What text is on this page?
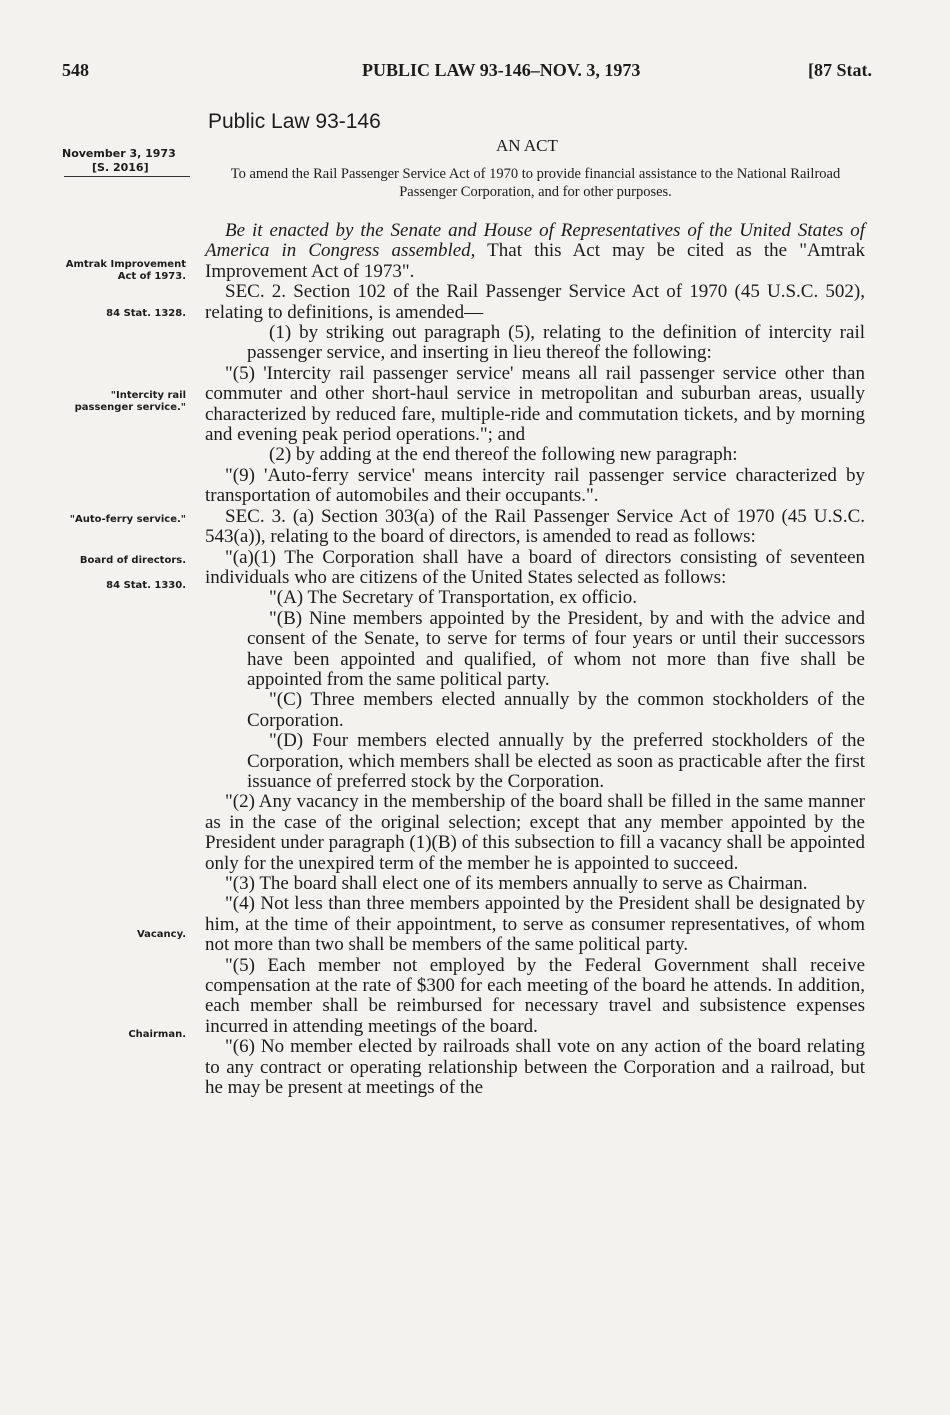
548	PUBLIC LAW 93-146–NOV. 3, 1973	[87 Stat.
Public Law 93-146
November 3, 1973
[S. 2016]
AN ACT
To amend the Rail Passenger Service Act of 1970 to provide financial assistance to the National Railroad Passenger Corporation, and for other purposes.
Amtrak Improvement Act of 1973.
84 Stat. 1328.
"Intercity rail passenger service."
"Auto-ferry service."
Board of directors.
84 Stat. 1330.
Vacancy.
Chairman.

Be it enacted by the Senate and House of Representatives of the United States of America in Congress assembled, That this Act may be cited as the "Amtrak Improvement Act of 1973".

SEC. 2. Section 102 of the Rail Passenger Service Act of 1970 (45 U.S.C. 502), relating to definitions, is amended—

(1) by striking out paragraph (5), relating to the definition of intercity rail passenger service, and inserting in lieu thereof the following:

"(5) 'Intercity rail passenger service' means all rail passenger service other than commuter and other short-haul service in metropolitan and suburban areas, usually characterized by reduced fare, multiple-ride and commutation tickets, and by morning and evening peak period operations."; and

(2) by adding at the end thereof the following new paragraph:

"(9) 'Auto-ferry service' means intercity rail passenger service characterized by transportation of automobiles and their occupants.".

SEC. 3. (a) Section 303(a) of the Rail Passenger Service Act of 1970 (45 U.S.C. 543(a)), relating to the board of directors, is amended to read as follows:

"(a)(1) The Corporation shall have a board of directors consisting of seventeen individuals who are citizens of the United States selected as follows:

"(A) The Secretary of Transportation, ex officio.

"(B) Nine members appointed by the President, by and with the advice and consent of the Senate, to serve for terms of four years or until their successors have been appointed and qualified, of whom not more than five shall be appointed from the same political party.

"(C) Three members elected annually by the common stockholders of the Corporation.

"(D) Four members elected annually by the preferred stockholders of the Corporation, which members shall be elected as soon as practicable after the first issuance of preferred stock by the Corporation.

"(2) Any vacancy in the membership of the board shall be filled in the same manner as in the case of the original selection; except that any member appointed by the President under paragraph (1)(B) of this subsection to fill a vacancy shall be appointed only for the unexpired term of the member he is appointed to succeed.

"(3) The board shall elect one of its members annually to serve as Chairman.

"(4) Not less than three members appointed by the President shall be designated by him, at the time of their appointment, to serve as consumer representatives, of whom not more than two shall be members of the same political party.

"(5) Each member not employed by the Federal Government shall receive compensation at the rate of $300 for each meeting of the board he attends. In addition, each member shall be reimbursed for necessary travel and subsistence expenses incurred in attending meetings of the board.

"(6) No member elected by railroads shall vote on any action of the board relating to any contract or operating relationship between the Corporation and a railroad, but he may be present at meetings of the
